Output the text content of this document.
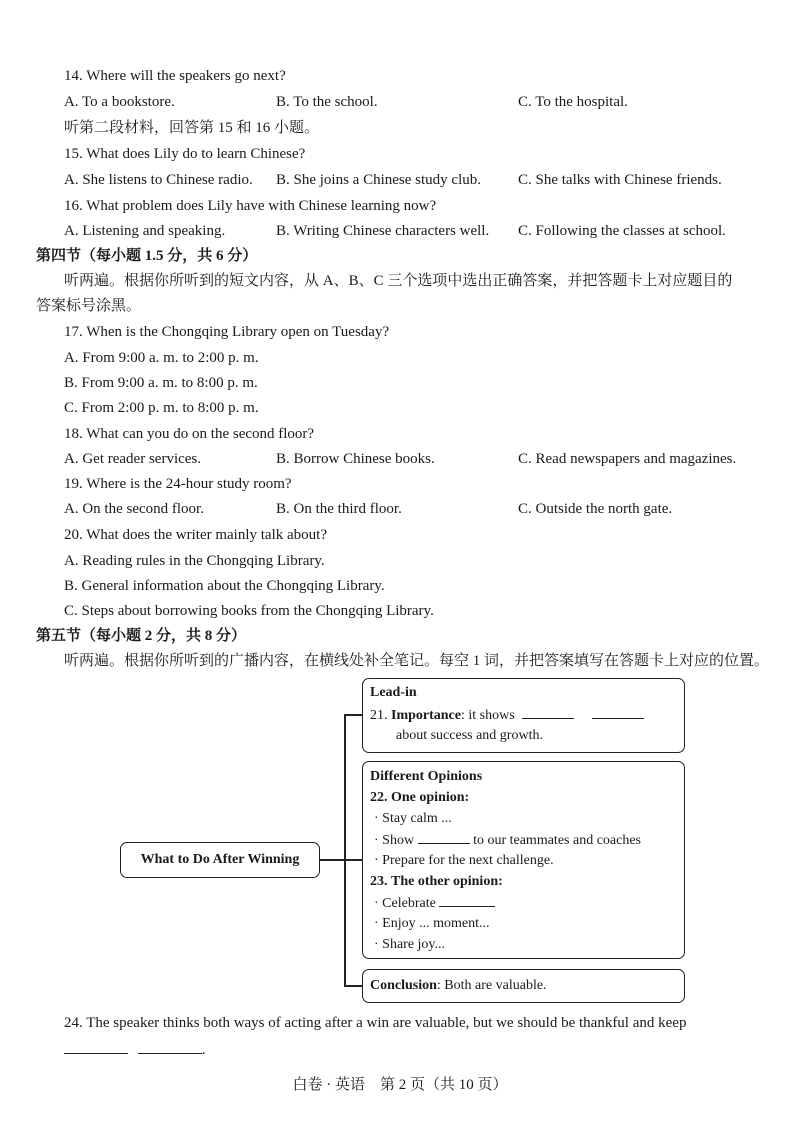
14. Where will the speakers go next?
A. To a bookstore.	B. To the school.	C. To the hospital.
听第二段材料，回答第 15 和 16 小题。
15. What does Lily do to learn Chinese?
A. She listens to Chinese radio. B. She joins a Chinese study club. C. She talks with Chinese friends.
16. What problem does Lily have with Chinese learning now?
A. Listening and speaking.	B. Writing Chinese characters well. C. Following the classes at school.
第四节（每小题 1.5 分，共 6 分）
听两遍。根据你所听到的短文内容，从 A、B、C 三个选项中选出正确答案，并把答题卡上对应题目的
答案标号涂黑。
17. When is the Chongqing Library open on Tuesday?
A. From 9:00 a. m. to 2:00 p. m.
B. From 9:00 a. m. to 8:00 p. m.
C. From 2:00 p. m. to 8:00 p. m.
18. What can you do on the second floor?
A. Get reader services.	B. Borrow Chinese books.	C. Read newspapers and magazines.
19. Where is the 24-hour study room?
A. On the second floor.	B. On the third floor.	C. Outside the north gate.
20. What does the writer mainly talk about?
A. Reading rules in the Chongqing Library.
B. General information about the Chongqing Library.
C. Steps about borrowing books from the Chongqing Library.
第五节（每小题 2 分，共 8 分）
听两遍。根据你所听到的广播内容，在横线处补全笔记。每空 1 词，并把答案填写在答题卡上对应的位置。
What to Do After Winning
Lead-in
21. Importance: it shows
about success and growth.
Different Opinions
22. One opinion:
· Stay calm ...
· Show	to our teammates and coaches
· Prepare for the next challenge.
23. The other opinion:
· Celebrate
· Enjoy ... moment...
· Share joy...
Conclusion: Both are valuable.
24. The speaker thinks both ways of acting after a win are valuable, but we should be thankful and keep
.
白卷 · 英语　第 2 页（共 10 页）
